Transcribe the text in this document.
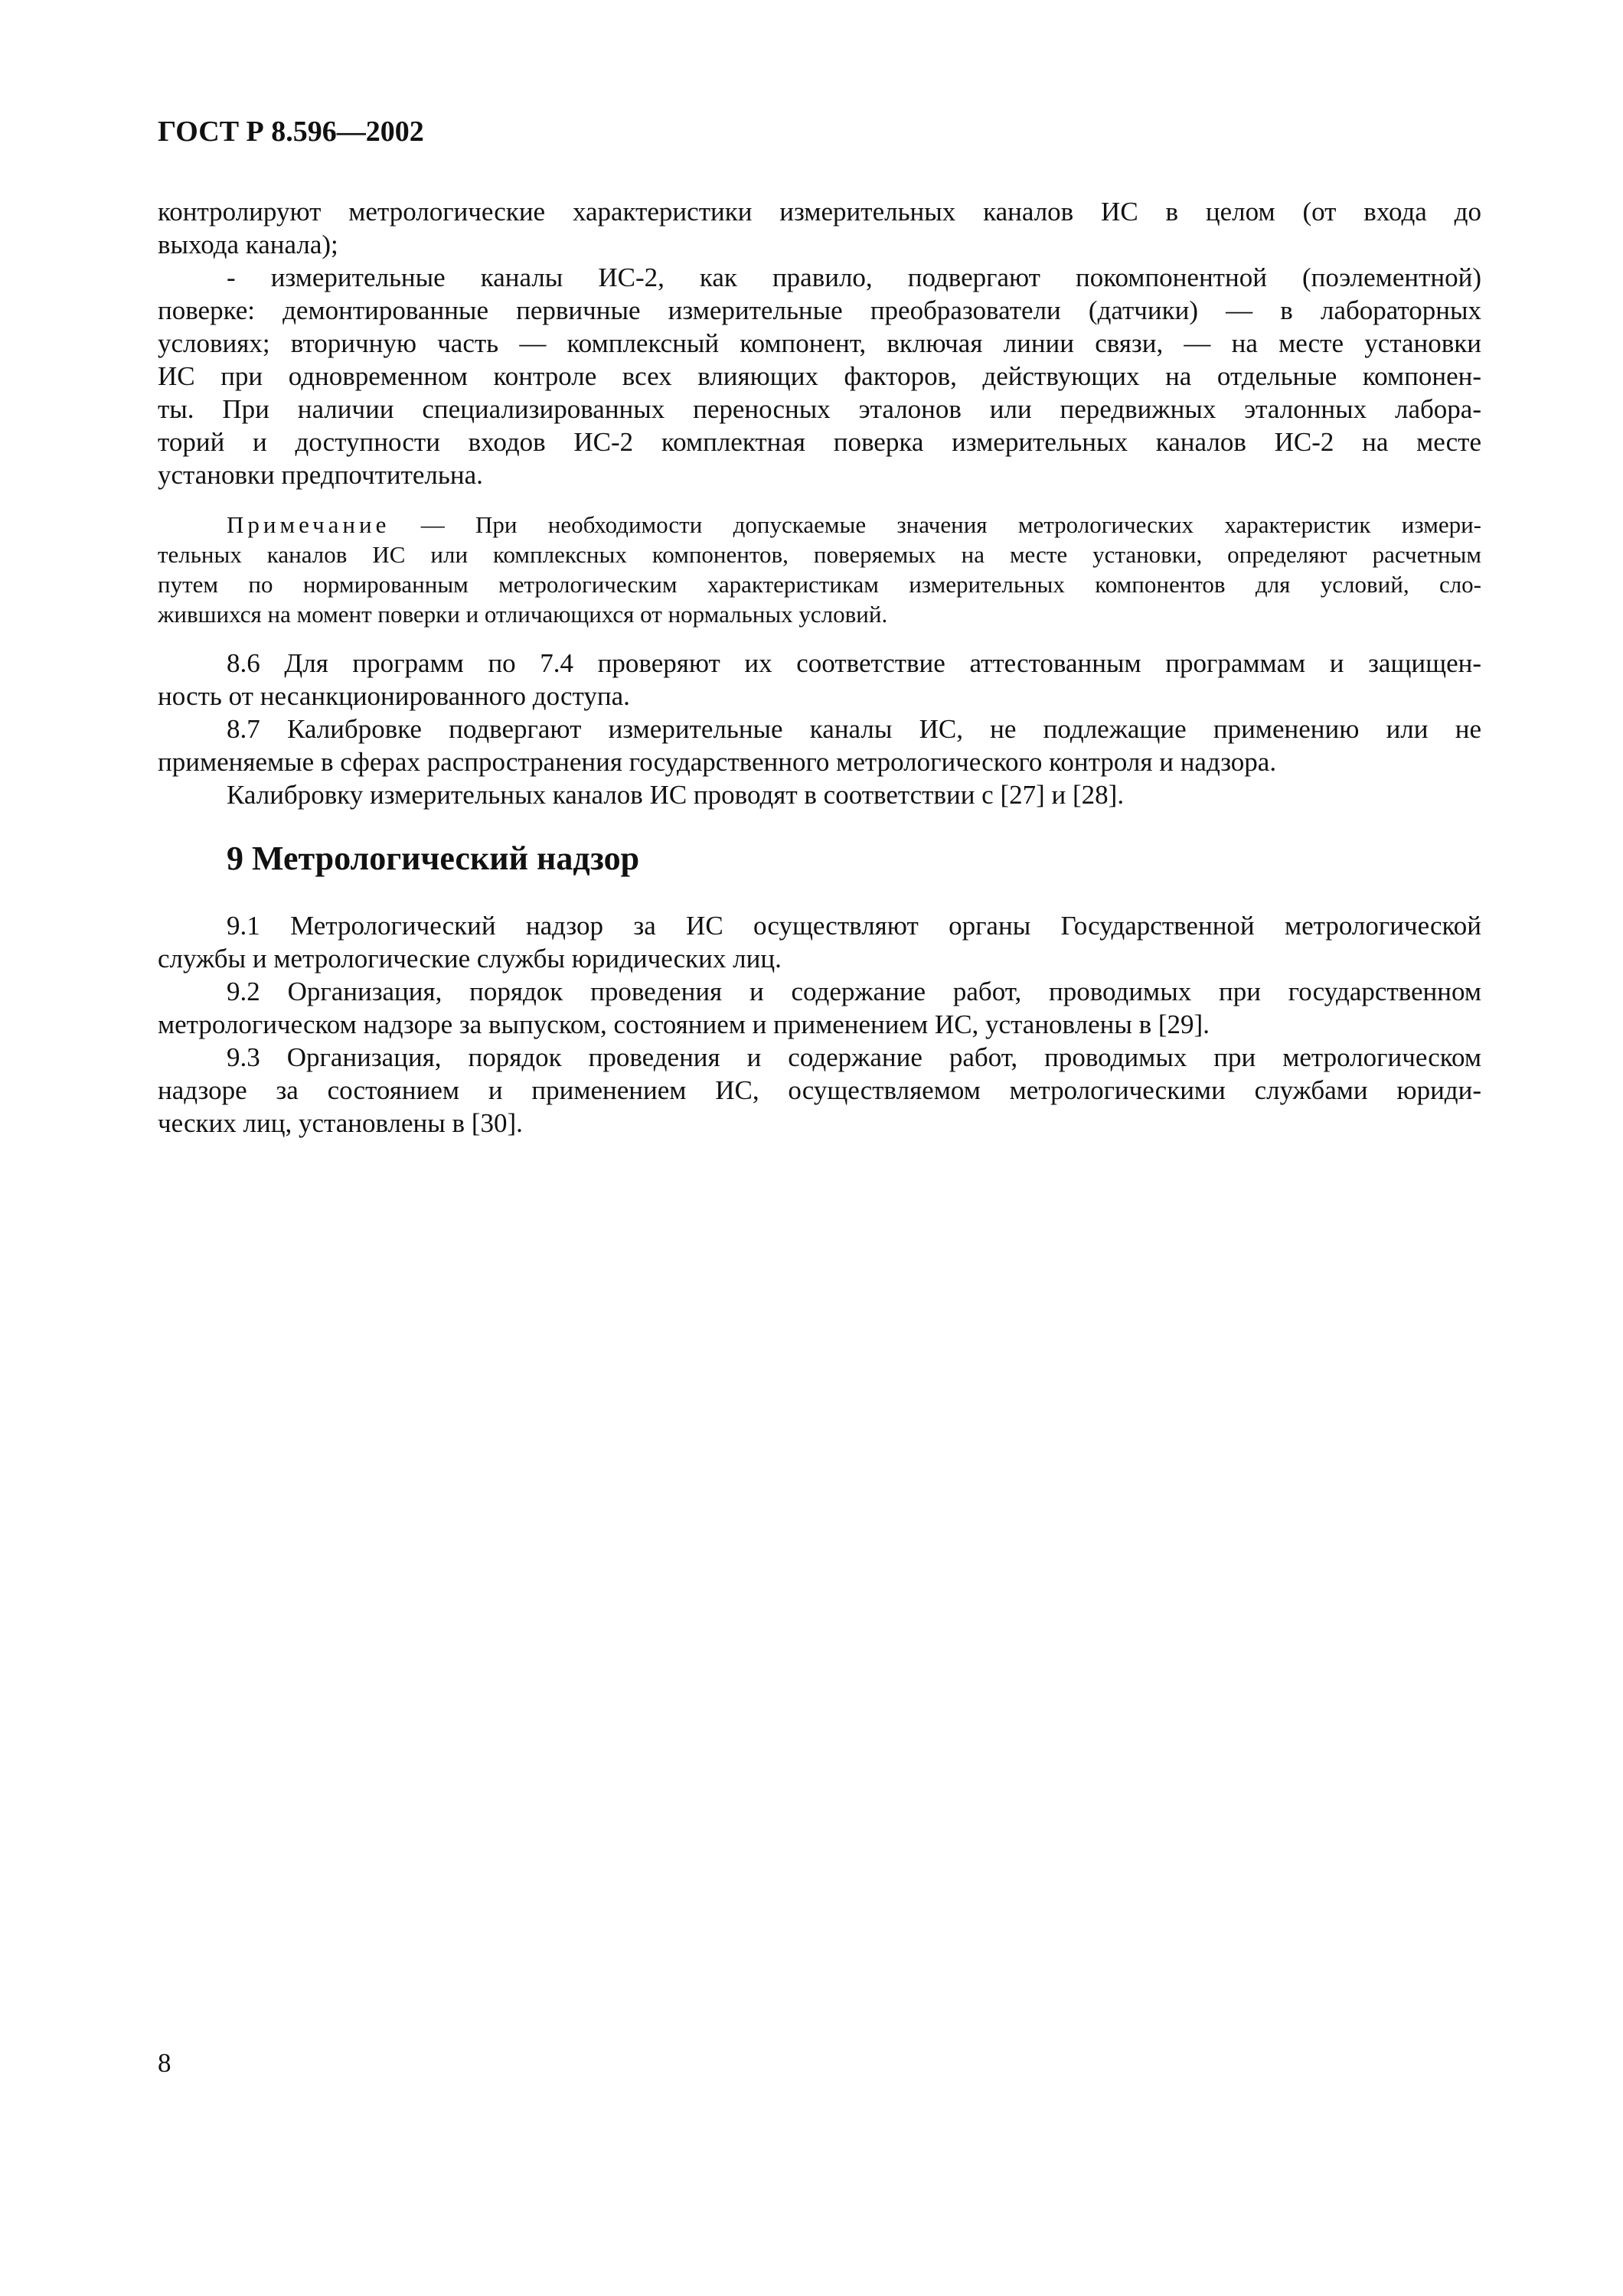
ГОСТ Р 8.596—2002
контролируют метрологические характеристики измерительных каналов ИС в целом (от входа до
выхода канала);
- измерительные каналы ИС-2, как правило, подвергают покомпонентной (поэлементной)
поверке: демонтированные первичные измерительные преобразователи (датчики) — в лабораторных
условиях; вторичную часть — комплексный компонент, включая линии связи, — на месте установки
ИС при одновременном контроле всех влияющих факторов, действующих на отдельные компонен-
ты. При наличии специализированных переносных эталонов или передвижных эталонных лабора-
торий и доступности входов ИС-2 комплектная поверка измерительных каналов ИС-2 на месте
установки предпочтительна.
Примечание — При необходимости допускаемые значения метрологических характеристик измери-
тельных каналов ИС или комплексных компонентов, поверяемых на месте установки, определяют расчетным
путем по нормированным метрологическим характеристикам измерительных компонентов для условий, сло-
жившихся на момент поверки и отличающихся от нормальных условий.
8.6 Для программ по 7.4 проверяют их соответствие аттестованным программам и защищен-
ность от несанкционированного доступа.
8.7 Калибровке подвергают измерительные каналы ИС, не подлежащие применению или не
применяемые в сферах распространения государственного метрологического контроля и надзора.
Калибровку измерительных каналов ИС проводят в соответствии с [27] и [28].
9 Метрологический надзор
9.1 Метрологический надзор за ИС осуществляют органы Государственной метрологической
службы и метрологические службы юридических лиц.
9.2 Организация, порядок проведения и содержание работ, проводимых при государственном
метрологическом надзоре за выпуском, состоянием и применением ИС, установлены в [29].
9.3 Организация, порядок проведения и содержание работ, проводимых при метрологическом
надзоре за состоянием и применением ИС, осуществляемом метрологическими службами юриди-
ческих лиц, установлены в [30].
8
